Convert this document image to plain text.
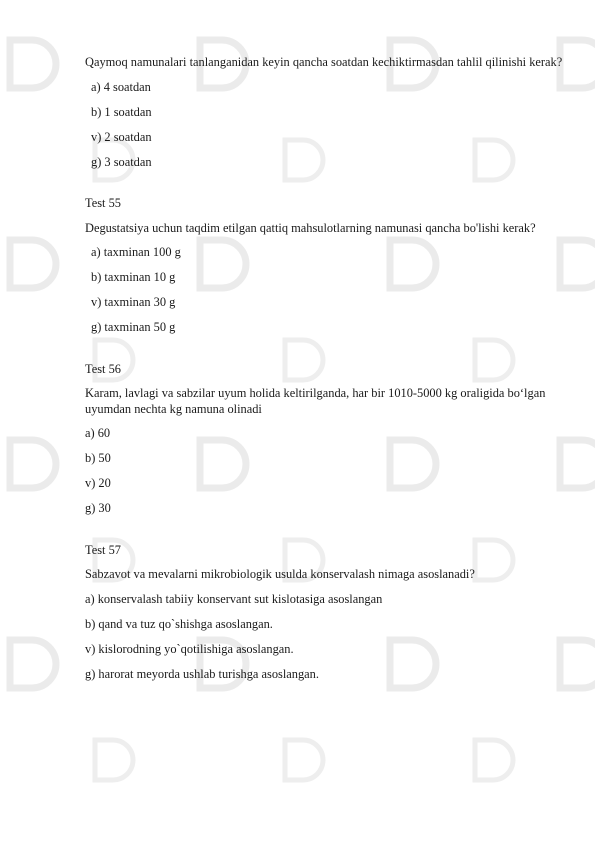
Qaymoq namunalari tanlanganidan keyin qancha soatdan kechiktirmasdan tahlil qilinishi kerak?

a) 4 soatdan

b) 1 soatdan

v) 2 soatdan

g) 3 soatdan

Test 55

Degustatsiya uchun taqdim etilgan qattiq mahsulotlarning namunasi qancha bo'lishi kerak?

a) taxminan 100 g

b) taxminan 10 g

v) taxminan 30 g

g) taxminan 50 g

Test 56

Karam, lavlagi va sabzilar uyum holida keltirilganda, har bir 1010-5000 kg oraligida bo‘lgan uyumdan nechta kg namuna olinadi

a) 60

b) 50

v) 20

g) 30

Test 57

Sabzavot va mevalarni mikrobiologik usulda konservalash nimaga asoslanadi?

a) konservalash tabiiy konservant sut kislotasiga asoslangan

b) qand va tuz qo`shishga asoslangan.

v) kislorodning yo`qotilishiga asoslangan.

g) harorat meyorda ushlab turishga asoslangan.
